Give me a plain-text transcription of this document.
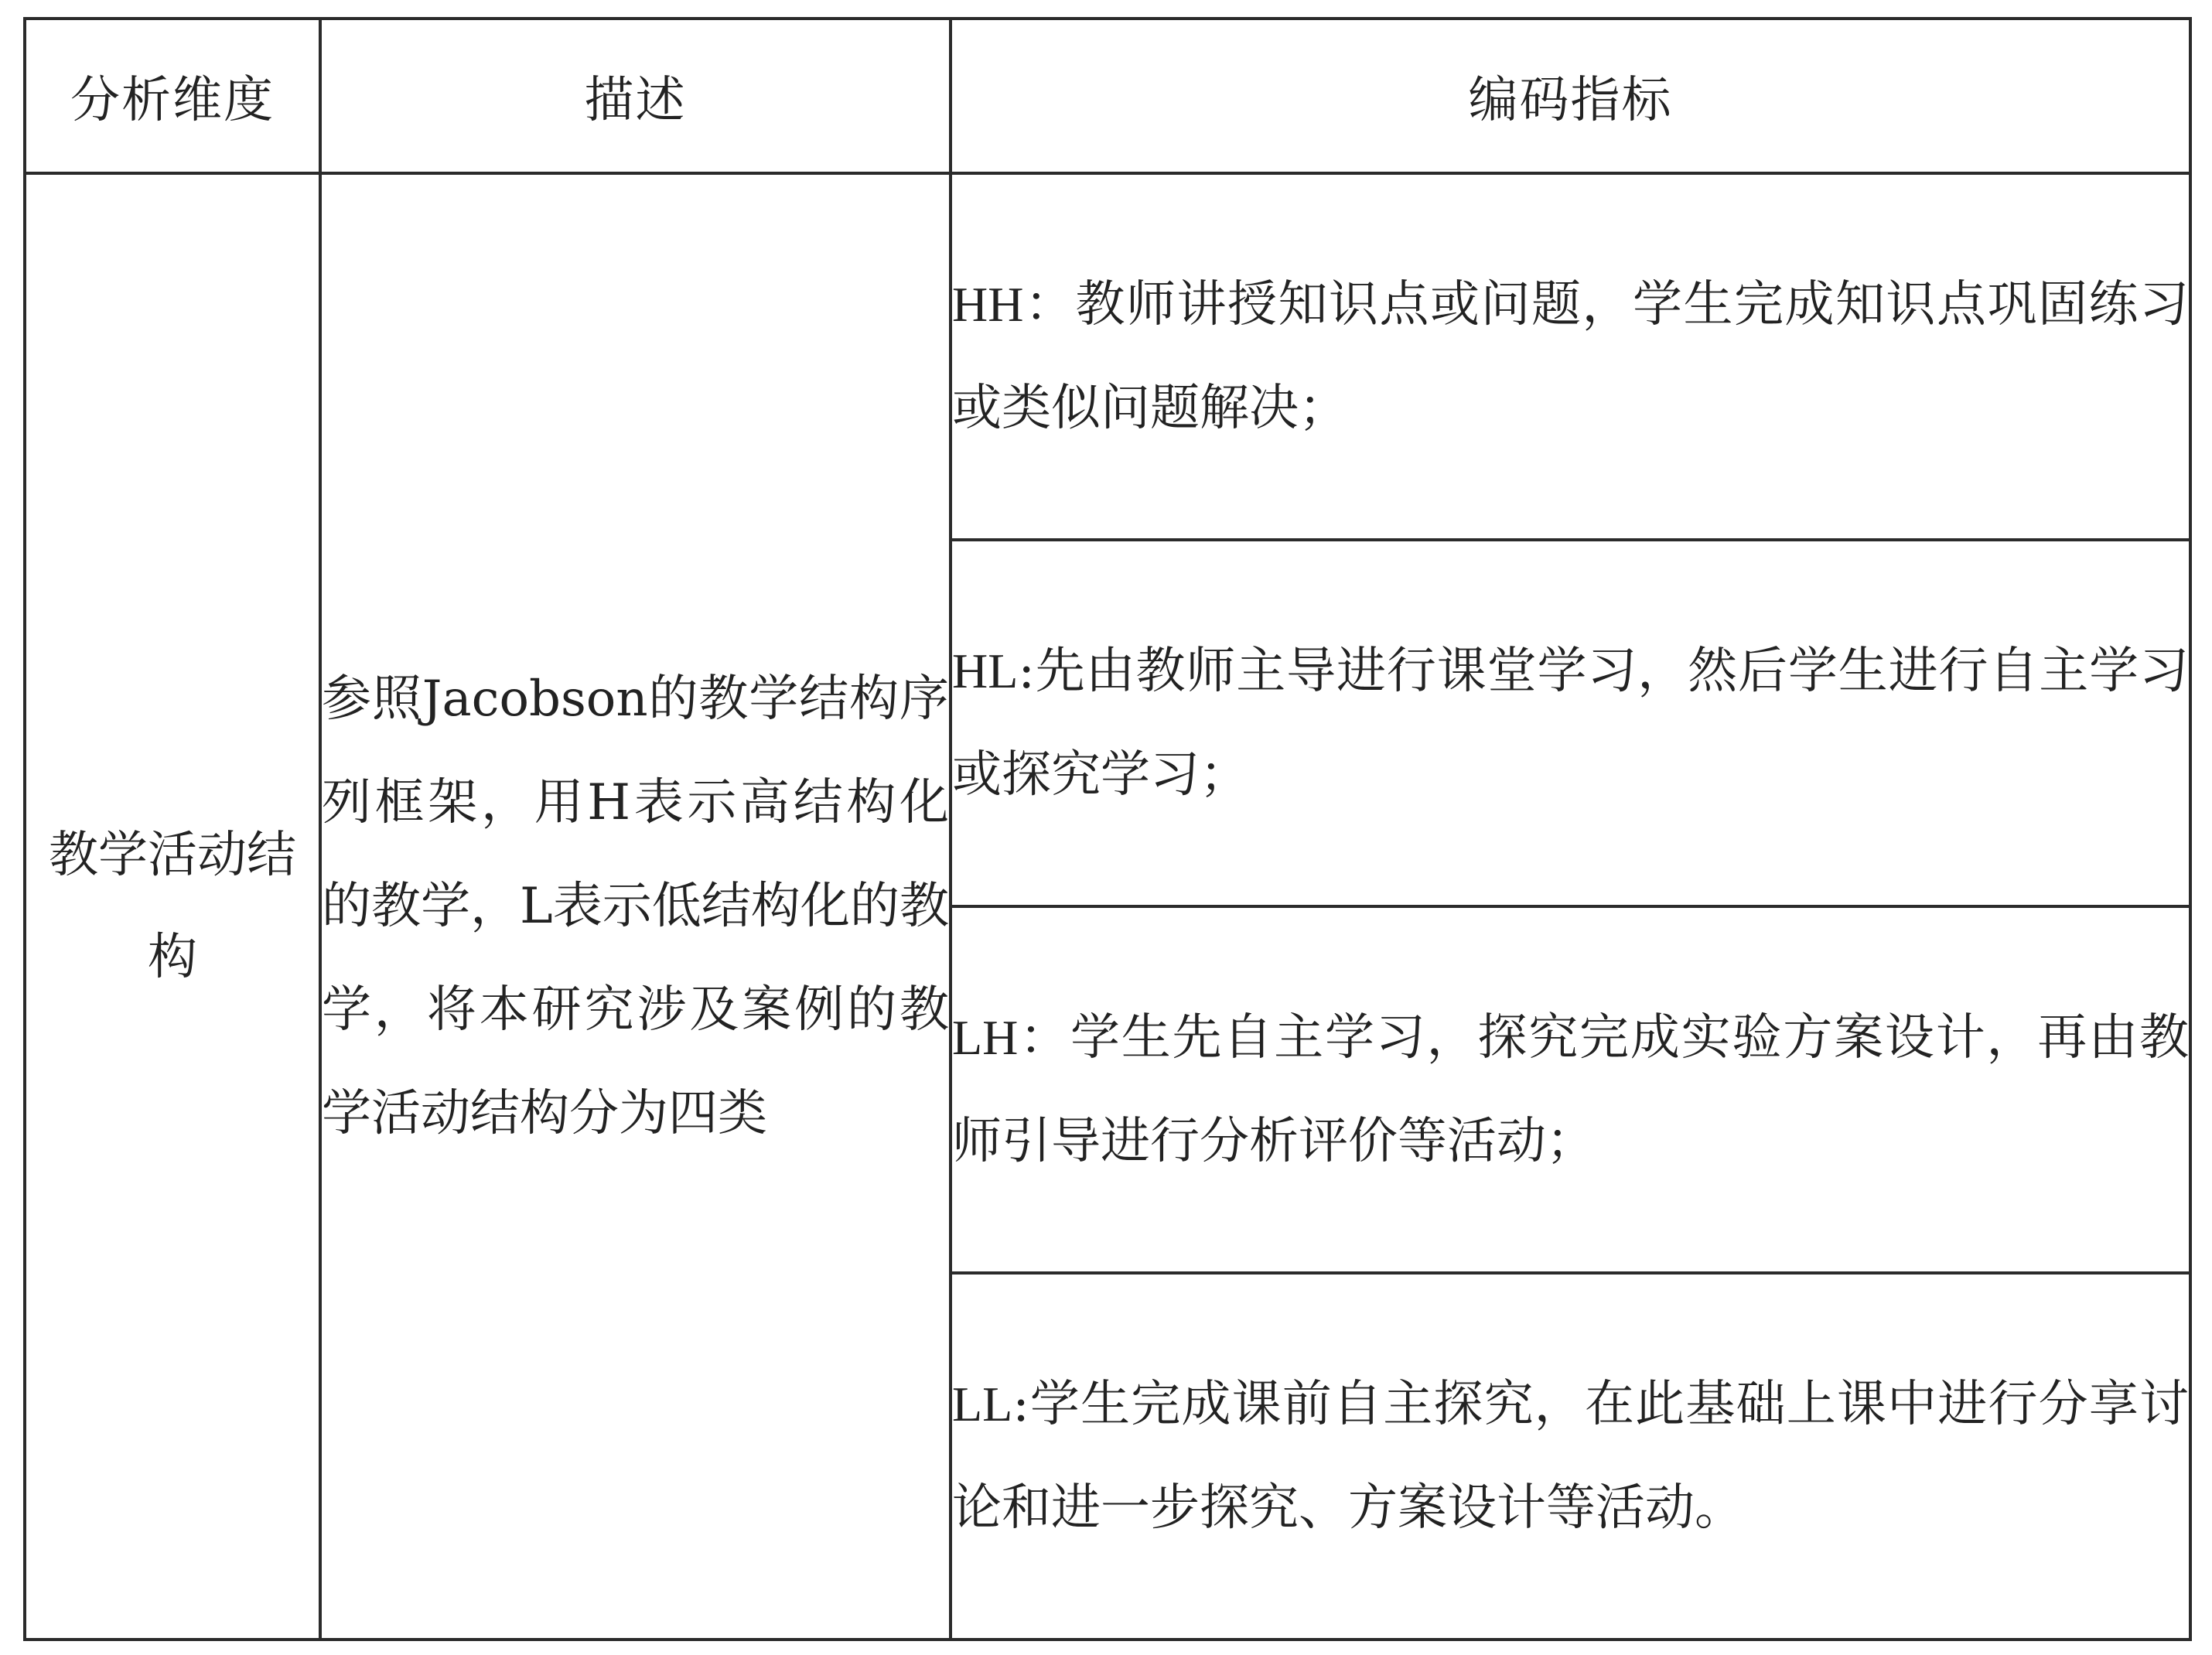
分析维度	描述	编码指标
教学活动结构	参照Jacobson的教学结构序列框架，用H表示高结构化的教学，L表示低结构化的教学，将本研究涉及案例的教学活动结构分为四类	HH：教师讲授知识点或问题，学生完成知识点巩固练习或类似问题解决；
		HL:先由教师主导进行课堂学习，然后学生进行自主学习或探究学习；
		LH：学生先自主学习，探究完成实验方案设计，再由教师引导进行分析评价等活动；
		LL:学生完成课前自主探究，在此基础上课中进行分享讨论和进一步探究、方案设计等活动。
